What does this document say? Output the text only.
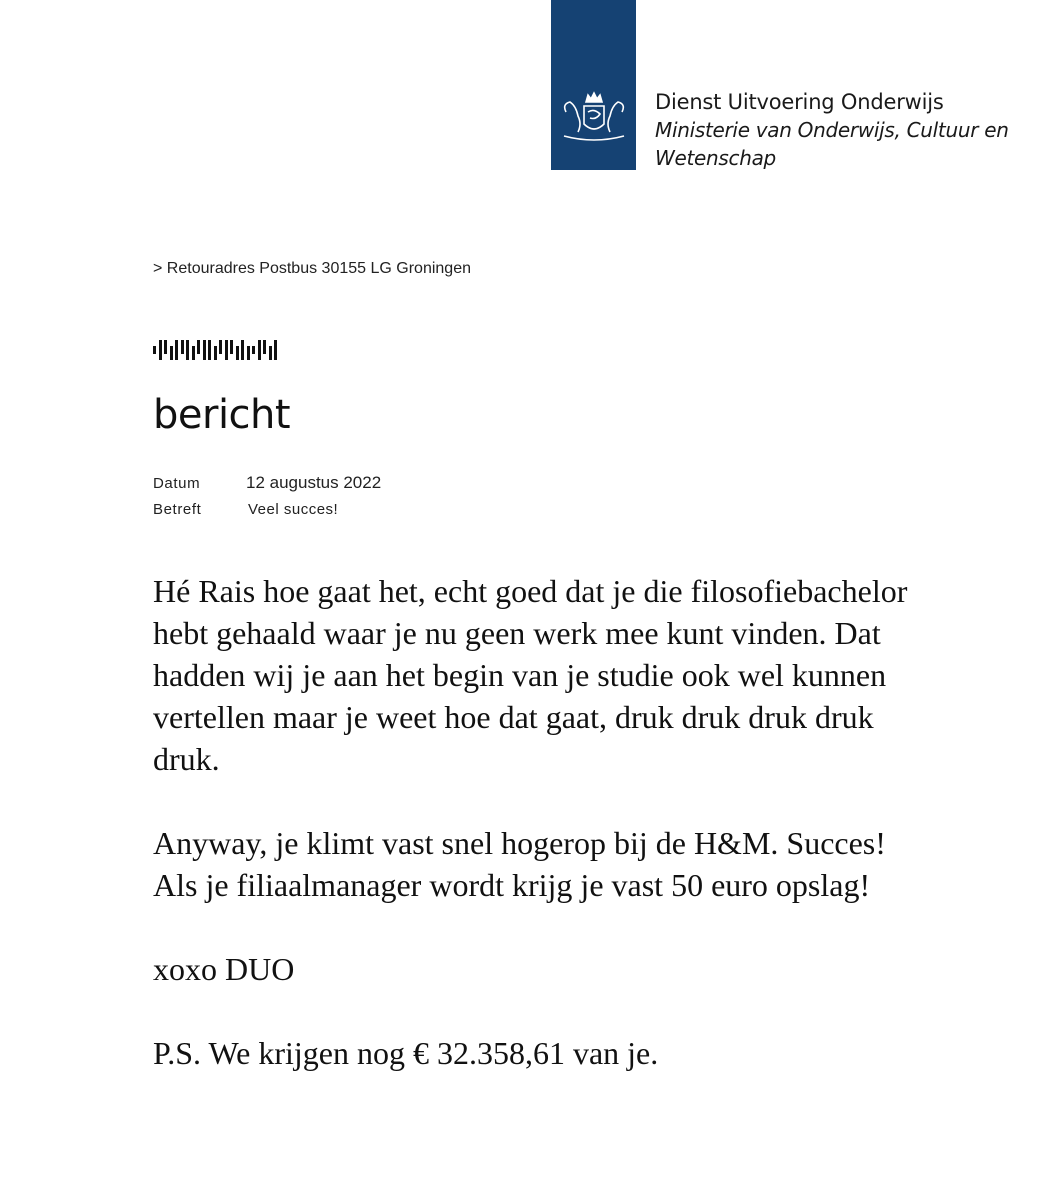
Dienst Uitvoering Onderwijs
Ministerie van Onderwijs, Cultuur en
Wetenschap
> Retouradres Postbus 30155 LG Groningen
bericht
Datum	12 augustus 2022
Betreft	Veel succes!

Hé Rais hoe gaat het, echt goed dat je die filosofiebachelor hebt gehaald waar je nu geen werk mee kunt vinden. Dat hadden wij je aan het begin van je studie ook wel kunnen vertellen maar je weet hoe dat gaat, druk druk druk druk druk.

Anyway, je klimt vast snel hogerop bij de H&M. Succes! Als je filiaalmanager wordt krijg je vast 50 euro opslag!

xoxo DUO

P.S. We krijgen nog € 32.358,61 van je.
